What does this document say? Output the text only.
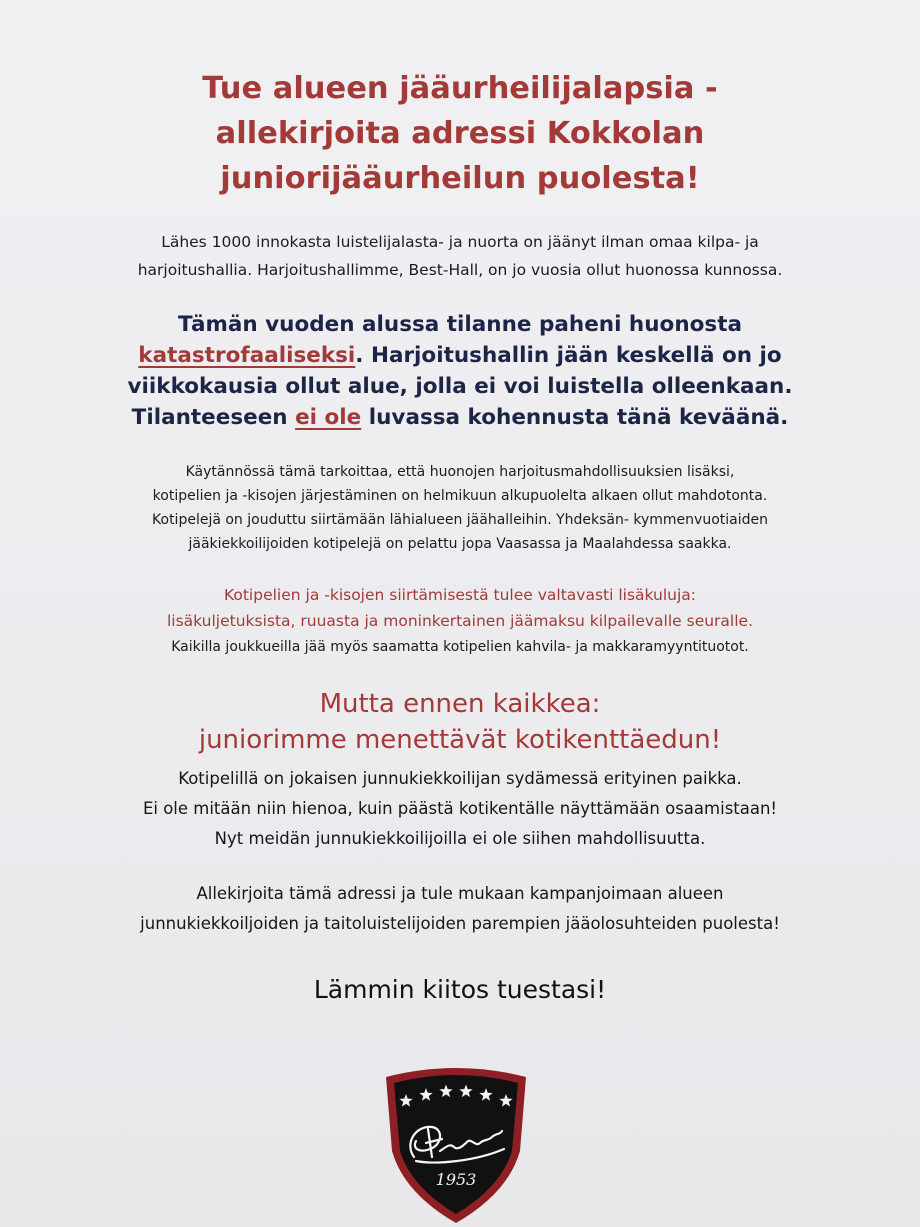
Tue alueen jääurheilijalapsia -
allekirjoita adressi Kokkolan
juniorijääurheilun puolesta!
Lähes 1000 innokasta luistelijalasta- ja nuorta on jäänyt ilman omaa kilpa- ja
harjoitushallia. Harjoitushallimme, Best-Hall, on jo vuosia ollut huonossa kunnossa.
Tämän vuoden alussa tilanne paheni huonosta
katastrofaaliseksi. Harjoitushallin jään keskellä on jo
viikkokausia ollut alue, jolla ei voi luistella olleenkaan.
Tilanteeseen ei ole luvassa kohennusta tänä keväänä.
Käytännössä tämä tarkoittaa, että huonojen harjoitusmahdollisuuksien lisäksi,
kotipelien ja -kisojen järjestäminen on helmikuun alkupuolelta alkaen ollut mahdotonta.
Kotipelejä on jouduttu siirtämään lähialueen jäähalleihin. Yhdeksän- kymmenvuotiaiden
jääkiekkoilijoiden kotipelejä on pelattu jopa Vaasassa ja Maalahdessa saakka.
Kotipelien ja -kisojen siirtämisestä tulee valtavasti lisäkuluja:
lisäkuljetuksista, ruuasta ja moninkertainen jäämaksu kilpailevalle seuralle.
Kaikilla joukkueilla jää myös saamatta kotipelien kahvila- ja makkaramyyntituotot.
Mutta ennen kaikkea:
juniorimme menettävät kotikenttäedun!
Kotipelillä on jokaisen junnukiekkoilijan sydämessä erityinen paikka.
Ei ole mitään niin hienoa, kuin päästä kotikentälle näyttämään osaamistaan!
Nyt meidän junnukiekkoilijoilla ei ole siihen mahdollisuutta.
Allekirjoita tämä adressi ja tule mukaan kampanjoimaan alueen
junnukiekkoiljoiden ja taitoluistelijoiden parempien jääolosuhteiden puolesta!
Lämmin kiitos tuestasi!
Hermes
1953
